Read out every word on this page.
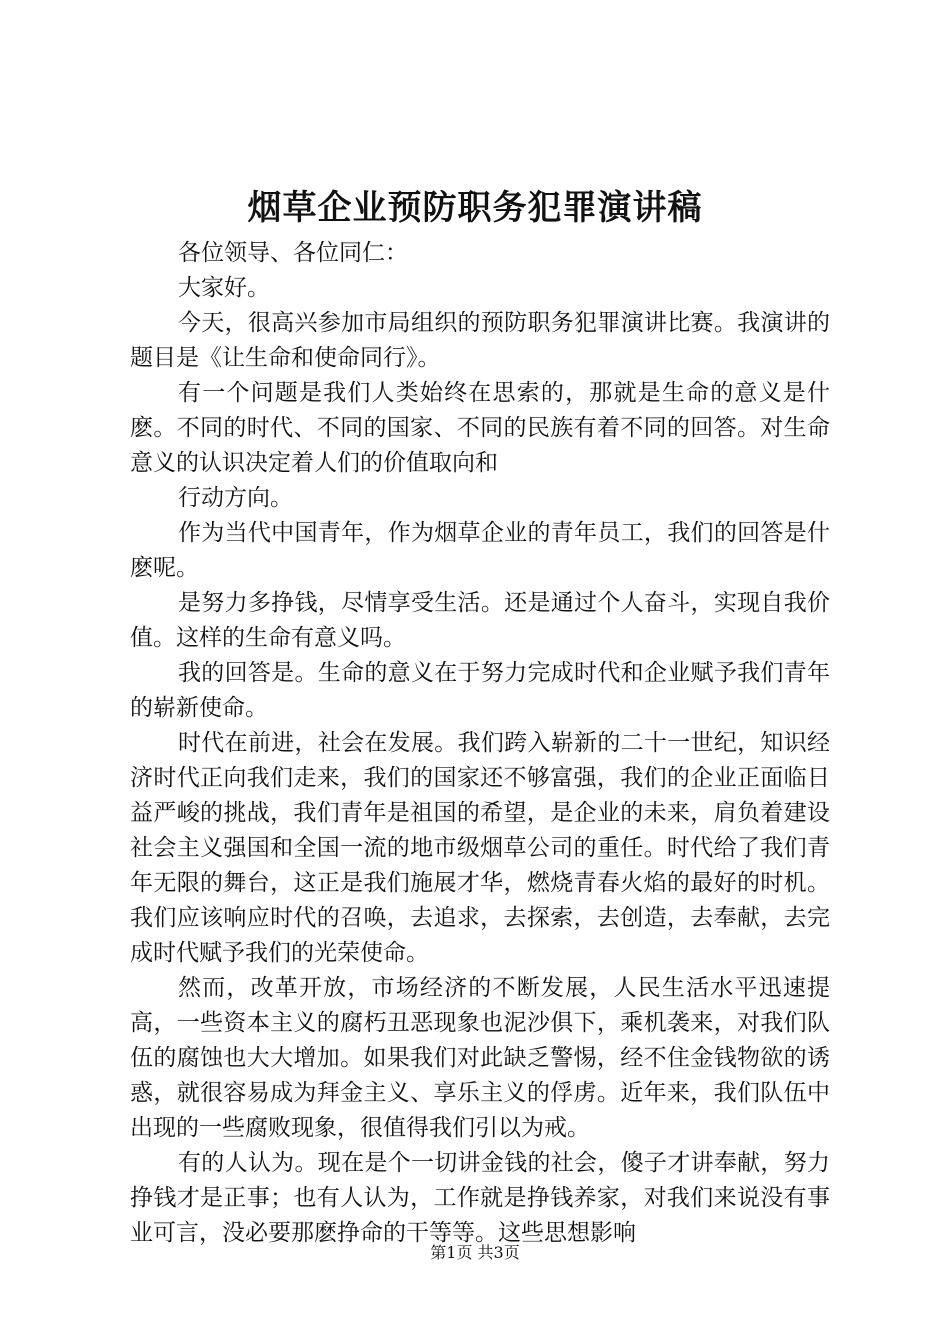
烟草企业预防职务犯罪演讲稿

各位领导、各位同仁：

大家好。

今天，很高兴参加市局组织的预防职务犯罪演讲比赛。我演讲的题目是《让生命和使命同行》。

有一个问题是我们人类始终在思索的，那就是生命的意义是什麽。不同的时代、不同的国家、不同的民族有着不同的回答。对生命意义的认识决定着人们的价值取向和

行动方向。

作为当代中国青年，作为烟草企业的青年员工，我们的回答是什麽呢。

是努力多挣钱，尽情享受生活。还是通过个人奋斗，实现自我价值。这样的生命有意义吗。

我的回答是。生命的意义在于努力完成时代和企业赋予我们青年的崭新使命。

时代在前进，社会在发展。我们跨入崭新的二十一世纪，知识经济时代正向我们走来，我们的国家还不够富强，我们的企业正面临日益严峻的挑战，我们青年是祖国的希望，是企业的未来，肩负着建设社会主义强国和全国一流的地市级烟草公司的重任。时代给了我们青年无限的舞台，这正是我们施展才华，燃烧青春火焰的最好的时机。我们应该响应时代的召唤，去追求，去探索，去创造，去奉献，去完成时代赋予我们的光荣使命。

然而，改革开放，市场经济的不断发展，人民生活水平迅速提高，一些资本主义的腐朽丑恶现象也泥沙俱下，乘机袭来，对我们队伍的腐蚀也大大增加。如果我们对此缺乏警惕，经不住金钱物欲的诱惑，就很容易成为拜金主义、享乐主义的俘虏。近年来，我们队伍中出现的一些腐败现象，很值得我们引以为戒。

有的人认为。现在是个一切讲金钱的社会，傻子才讲奉献，努力挣钱才是正事；也有人认为，工作就是挣钱养家，对我们来说没有事业可言，没必要那麽挣命的干等等。这些思想影响

第1页 共3页
